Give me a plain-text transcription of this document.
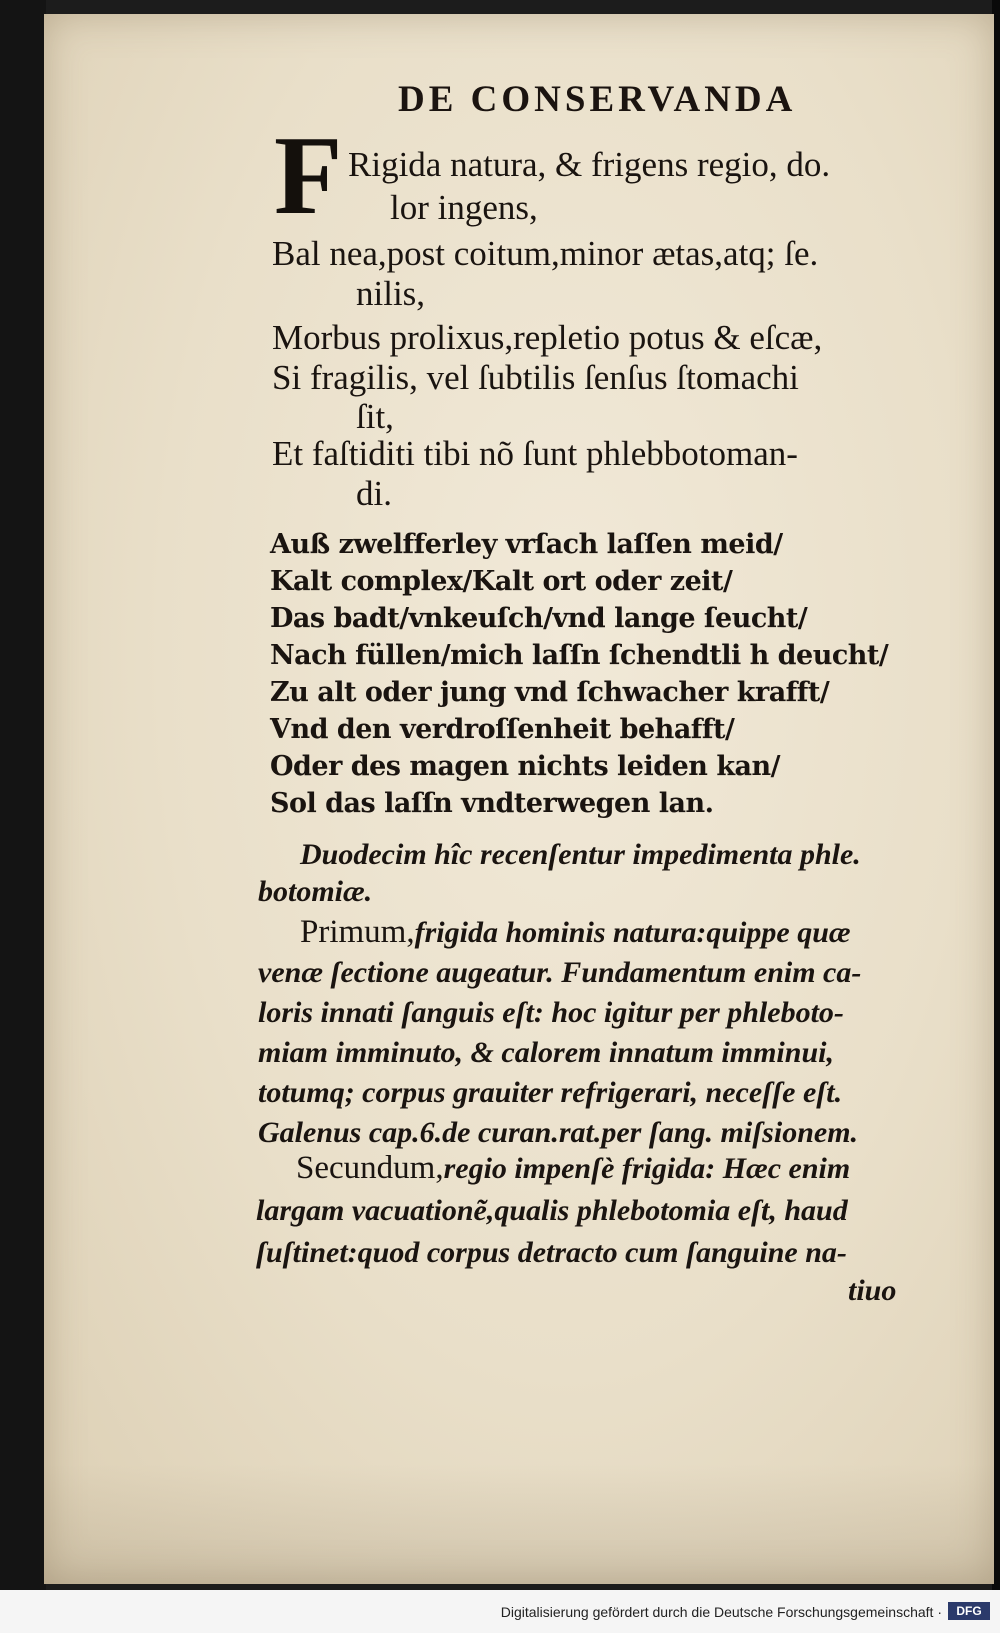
DE CONSERVANDA
F Rigida natura, & frigens regio, do.
lor ingens,
Bal nea,post coitum,minor ætas,atq; ſe.
nilis,
Morbus prolixus,repletio potus & eſcæ,
Si fragilis, vel ſubtilis ſenſus ſtomachi
ſit,
Et faſtiditi tibi nõ ſunt phlebbotoman-
di.
Auß zwelfferley vrſach laſſen meid/
Kalt complex/Kalt ort oder zeit/
Das badt/vnkeuſch/vnd lange ſeucht/
Nach füllen/mich laſſn ſchendtli h deucht/
Zu alt oder jung vnd ſchwacher krafft/
Vnd den verdroſſenheit behafft/
Oder des magen nichts leiden kan/
Sol das laſſn vndterwegen lan.
Duodecim hîc recenſentur impedimenta phle.
botomiæ.
Primum,frigida hominis natura:quippe quæ
venæ ſectione augeatur. Fundamentum enim ca-
loris innati ſanguis eſt: hoc igitur per phleboto-
miam imminuto, & calorem innatum imminui,
totumq; corpus grauiter refrigerari, neceſſe eſt.
Galenus cap.6.de curan.rat.per ſang. miſsionem.
Secundum,regio impenſè frigida: Hæc enim
largam vacuationẽ,qualis phlebotomia eſt, haud
ſuſtinet:quod corpus detracto cum ſanguine na-
tiuo
Digitalisierung gefördert durch die Deutsche Forschungsgemeinschaft ·	DFG
